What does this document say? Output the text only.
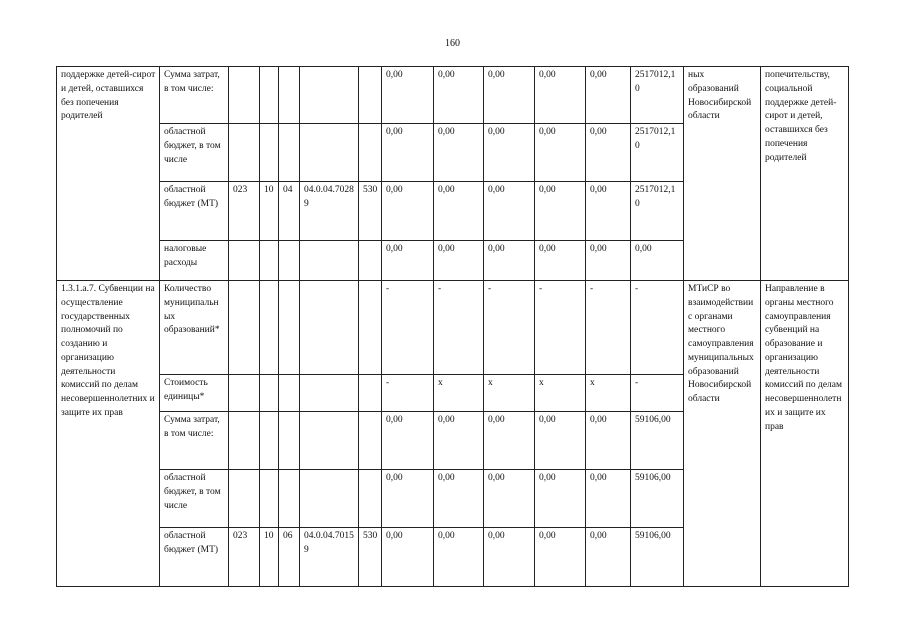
160
поддержке детей-сирот и детей, оставшихся без попечения родителей	Сумма затрат, в том числе:						0,00	0,00	0,00	0,00	0,00	2517012,10	ных образований Новосибирской области	попечительству, социальной поддержке детей-сирот и детей, оставшихся без попечения родителей
	областной бюджет, в том числе						0,00	0,00	0,00	0,00	0,00	2517012,10		
	областной бюджет (МТ)	023	10	04	04.0.04.70289	530	0,00	0,00	0,00	0,00	0,00	2517012,10		
	налоговые расходы						0,00	0,00	0,00	0,00	0,00	0,00		
1.3.1.а.7. Субвенции на осуществление государственных полномочий по созданию и организацию деятельности комиссий по делам несовершеннолетних и защите их прав	Количество муниципальных образований*						-	-	-	-	-	-	МТиСР во взаимодействии с органами местного самоуправления муниципальных образований Новосибирской области	Направление в органы местного самоуправления субвенций на образование и организацию деятельности комиссий по делам несовершеннолетних и защите их прав
	Стоимость единицы*						-	x	x	x	x	-		
	Сумма затрат, в том числе:						0,00	0,00	0,00	0,00	0,00	59106,00		
	областной бюджет, в том числе						0,00	0,00	0,00	0,00	0,00	59106,00		
	областной бюджет (МТ)	023	10	06	04.0.04.70159	530	0,00	0,00	0,00	0,00	0,00	59106,00		
